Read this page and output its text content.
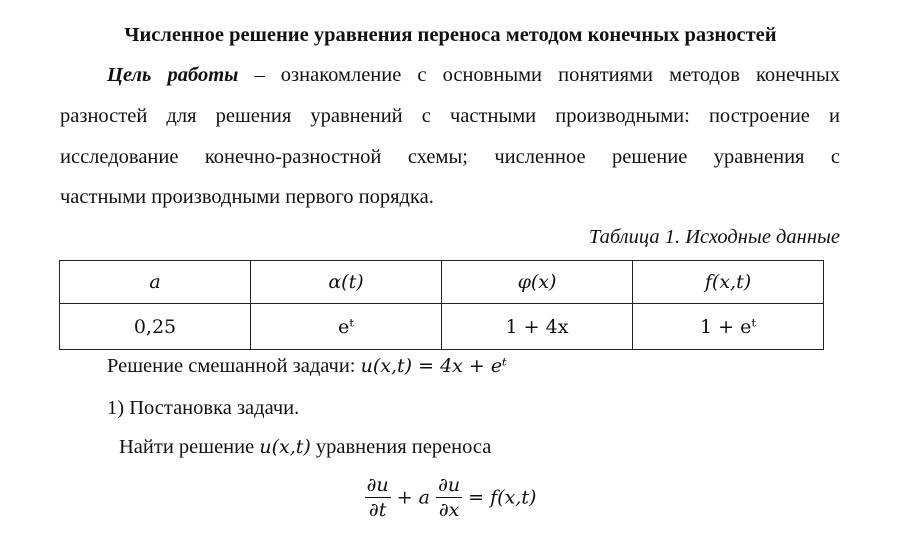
Численное решение уравнения переноса методом конечных разностей
Цель работы – ознакомление с основными понятиями методов конечных
разностей для решения уравнений с частными производными: построение и
исследование конечно-разностной схемы; численное решение уравнения с
частными производными первого порядка.
Таблица 1. Исходные данные
a	α(t)	φ(x)	f(x,t)
0,25	eᵗ	1 + 4x	1 + eᵗ
Решение смешанной задачи: u(x,t) = 4x + eᵗ
1) Постановка задачи.
Найти решение u(x,t) уравнения переноса
$\frac{\partial u}{\partial t} + a \frac{\partial u}{\partial x} = f(x,t)$
